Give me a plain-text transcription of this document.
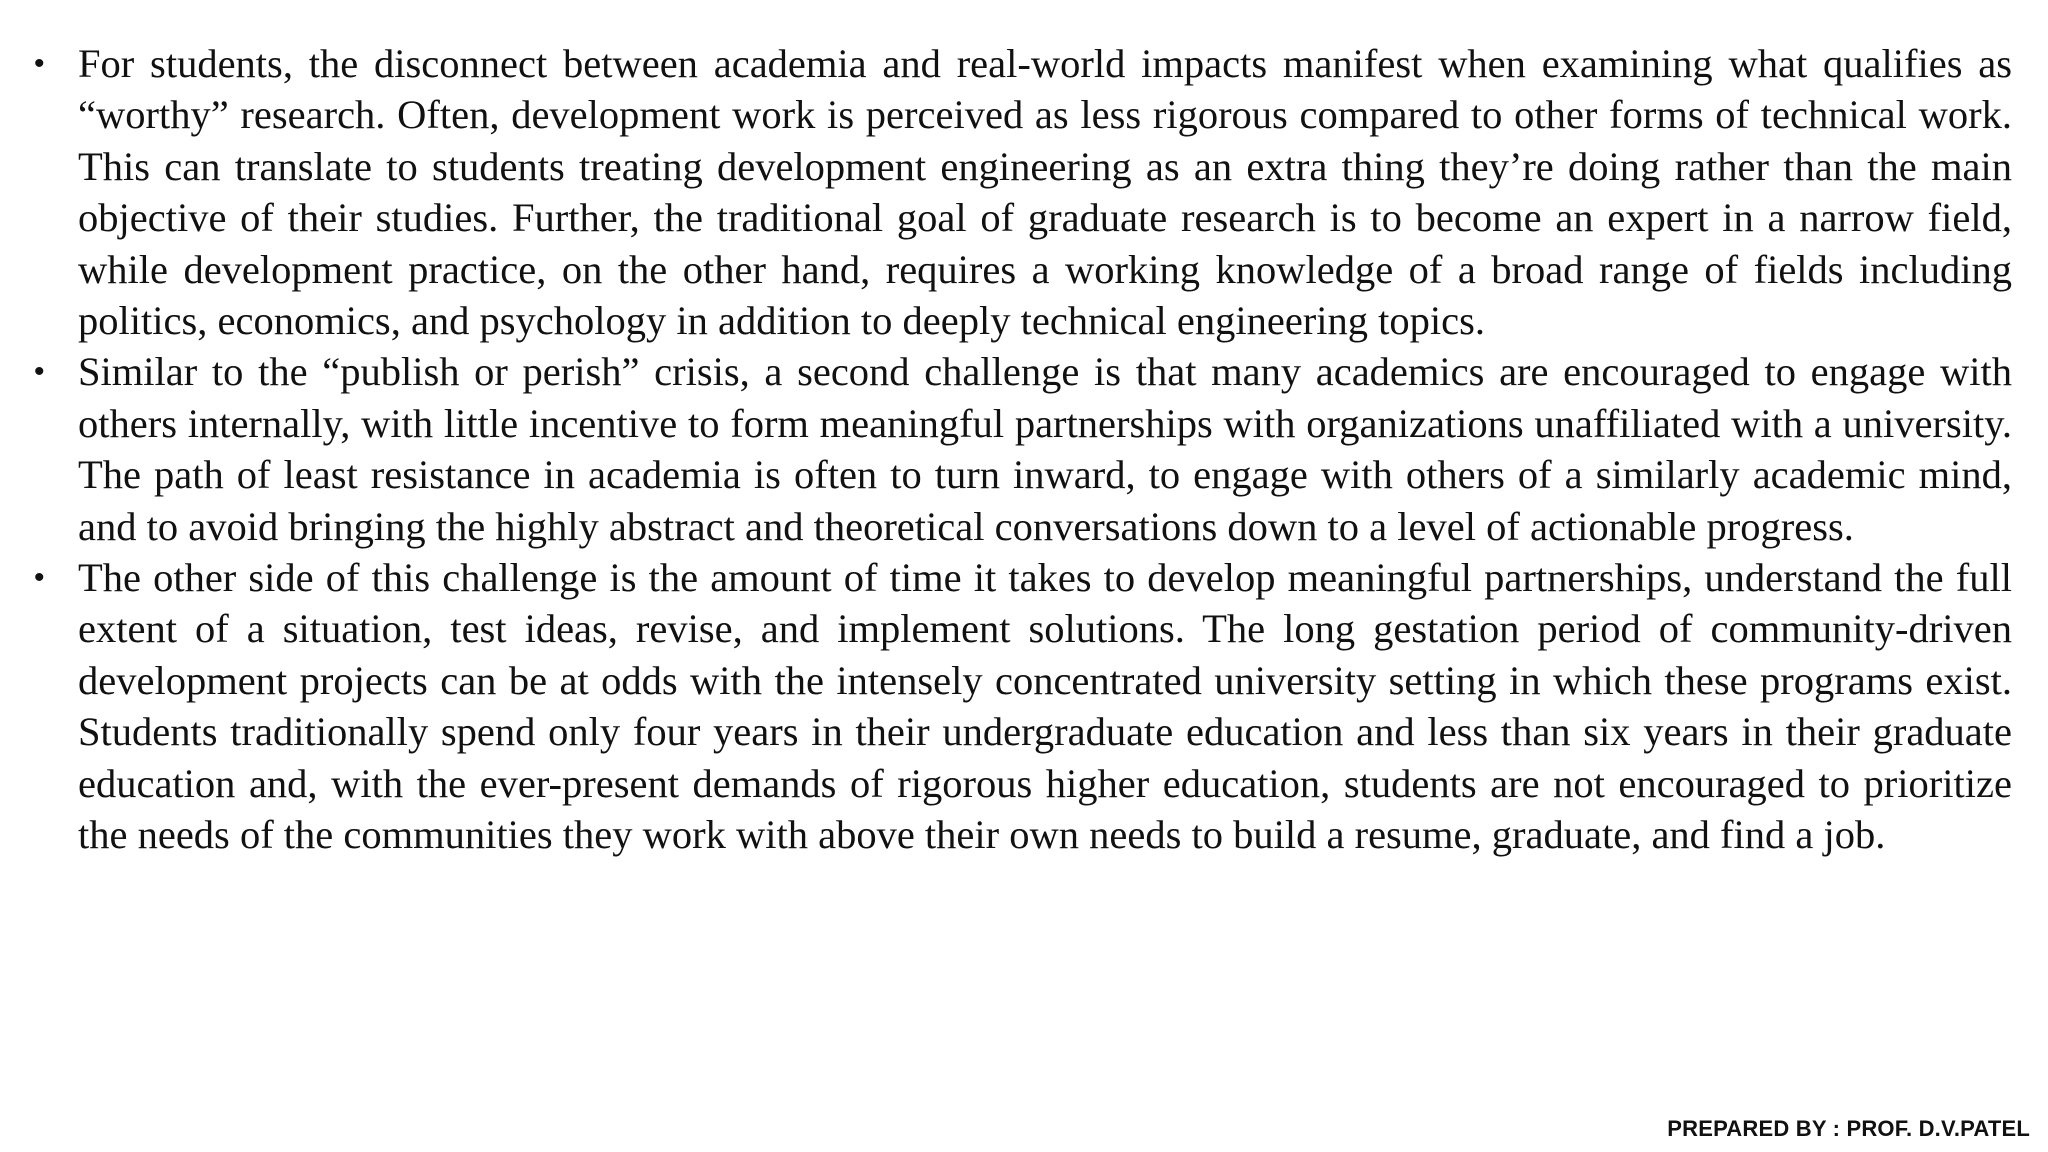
• For students, the disconnect between academia and real-world impacts manifest when examining what qualifies as “worthy” research. Often, development work is perceived as less rigorous compared to other forms of technical work. This can translate to students treating development engineering as an extra thing they’re doing rather than the main objective of their studies. Further, the traditional goal of graduate research is to become an expert in a narrow field, while development practice, on the other hand, requires a working knowledge of a broad range of fields including politics, economics, and psychology in addition to deeply technical engineering topics.
• Similar to the “publish or perish” crisis, a second challenge is that many academics are encouraged to engage with others internally, with little incentive to form meaningful partnerships with organizations unaffiliated with a university. The path of least resistance in academia is often to turn inward, to engage with others of a similarly academic mind, and to avoid bringing the highly abstract and theoretical conversations down to a level of actionable progress.
• The other side of this challenge is the amount of time it takes to develop meaningful partnerships, understand the full extent of a situation, test ideas, revise, and implement solutions. The long gestation period of community-driven development projects can be at odds with the intensely concentrated university setting in which these programs exist. Students traditionally spend only four years in their undergraduate education and less than six years in their graduate education and, with the ever-present demands of rigorous higher education, students are not encouraged to prioritize the needs of the communities they work with above their own needs to build a resume, graduate, and find a job.
PREPARED BY : PROF. D.V.PATEL
